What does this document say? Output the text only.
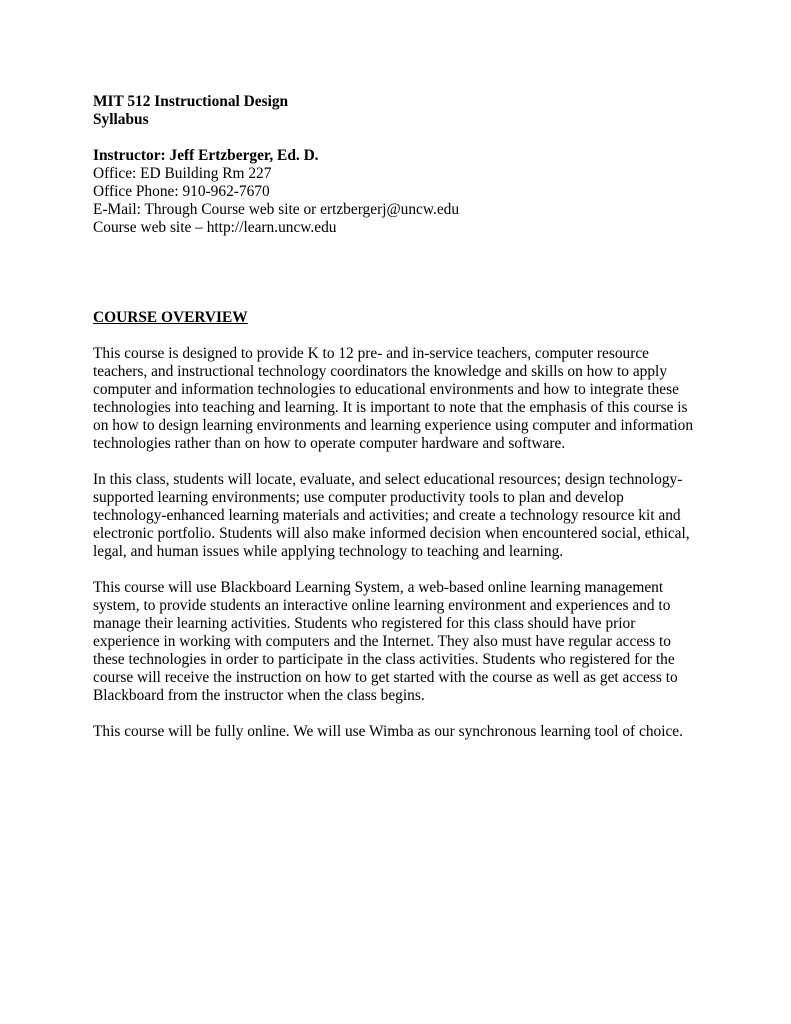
MIT 512 Instructional Design
Syllabus
Instructor: Jeff Ertzberger, Ed. D.
Office: ED Building Rm 227
Office Phone: 910-962-7670
E-Mail: Through Course web site or ertzbergerj@uncw.edu
Course web site – http://learn.uncw.edu
COURSE OVERVIEW
This course is designed to provide K to 12 pre- and in-service teachers, computer resource
teachers, and instructional technology coordinators the knowledge and skills on how to apply
computer and information technologies to educational environments and how to integrate these
technologies into teaching and learning. It is important to note that the emphasis of this course is
on how to design learning environments and learning experience using computer and information
technologies rather than on how to operate computer hardware and software.
In this class, students will locate, evaluate, and select educational resources; design technology-
supported learning environments; use computer productivity tools to plan and develop
technology-enhanced learning materials and activities; and create a technology resource kit and
electronic portfolio. Students will also make informed decision when encountered social, ethical,
legal, and human issues while applying technology to teaching and learning.
This course will use Blackboard Learning System, a web-based online learning management
system, to provide students an interactive online learning environment and experiences and to
manage their learning activities. Students who registered for this class should have prior
experience in working with computers and the Internet. They also must have regular access to
these technologies in order to participate in the class activities. Students who registered for the
course will receive the instruction on how to get started with the course as well as get access to
Blackboard from the instructor when the class begins.
This course will be fully online. We will use Wimba as our synchronous learning tool of choice.
